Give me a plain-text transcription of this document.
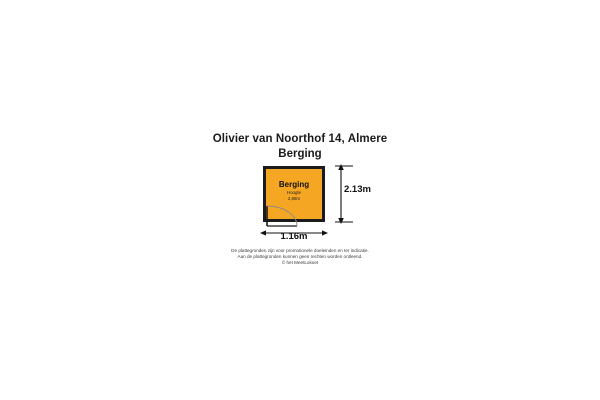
Olivier van Noorthof 14, Almere
Berging
Berging
Hoogte
2,88m
2.13m
1.16m
De plattegronden zijn voor promotionele doeleinden en ter indicatie.
Aan de plattegronden kunnen geen rechten worden ontleend.
© het MeetLokoet
